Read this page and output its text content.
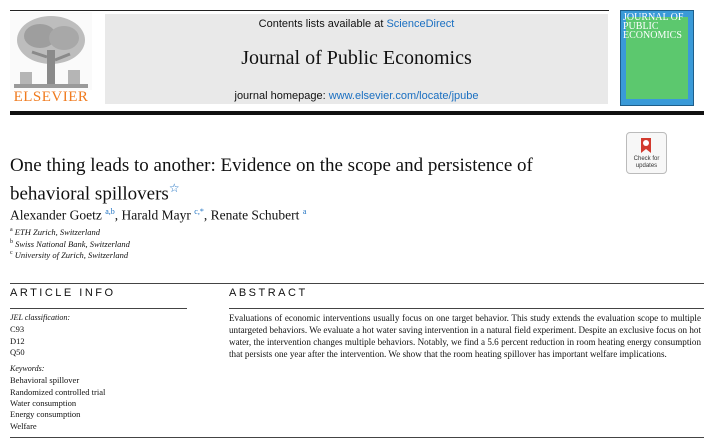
ELSEVIER
Contents lists available at ScienceDirect
Journal of Public Economics
journal homepage: www.elsevier.com/locate/jpube
JOURNAL OF PUBLIC ECONOMICS
One thing leads to another: Evidence on the scope and persistence of behavioral spillovers☆
Check for updates
Alexander Goetz $^{a,b}$, Harald Mayr $^{c,*}$, Renate Schubert $^a$
$^a$ ETH Zurich, Switzerland
$^b$ Swiss National Bank, Switzerland
$^c$ University of Zurich, Switzerland
ARTICLE INFO	ABSTRACT
JEL classification:
C93
D12
Q50
Keywords:
Behavioral spillover
Randomized controlled trial
Water consumption
Energy consumption
Welfare
Evaluations of economic interventions usually focus on one target behavior. This study extends the evaluation scope to multiple untargeted behaviors. We evaluate a hot water saving intervention in a natural field experiment. Despite an exclusive focus on hot water, the intervention changes multiple behaviors. Notably, we find a 5.6 percent reduction in room heating energy consumption that persists one year after the intervention. We show that the room heating spillover has important welfare implications.
